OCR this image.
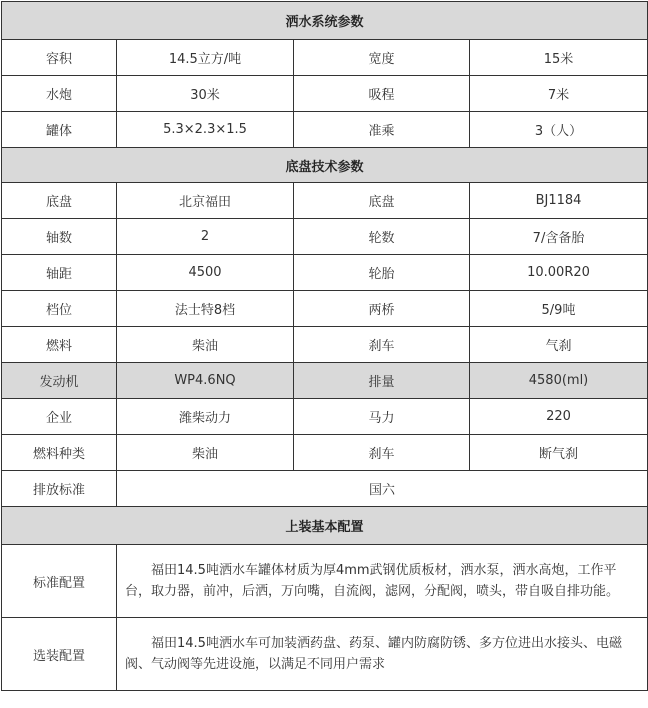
洒水系统参数			
容积	14.5立方/吨	宽度	15米
水炮	30米	吸程	7米
罐体	5.3×2.3×1.5	准乘	3（人）
底盘技术参数			
底盘	北京福田	底盘	BJ1184
轴数	2	轮数	7/含备胎
轴距	4500	轮胎	10.00R20
档位	法士特8档	两桥	5/9吨
燃料	柴油	刹车	气刹
发动机	WP4.6NQ	排量	4580(ml)
企业	潍柴动力	马力	220
燃料种类	柴油	刹车	断气刹
排放标准	国六		
上装基本配置			
标准配置	福田14.5吨洒水车罐体材质为厚4mm武钢优质板材，洒水泵，洒水高炮，工作平台，取力器，前冲，后洒，万向嘴，自流阀，滤网，分配阀，喷头，带自吸自排功能。		

选装配置	福田14.5吨洒水车可加装洒药盘、药泵、罐内防腐防锈、多方位进出水接头、电磁阀、气动阀等先进设施，以满足不同用户需求		
